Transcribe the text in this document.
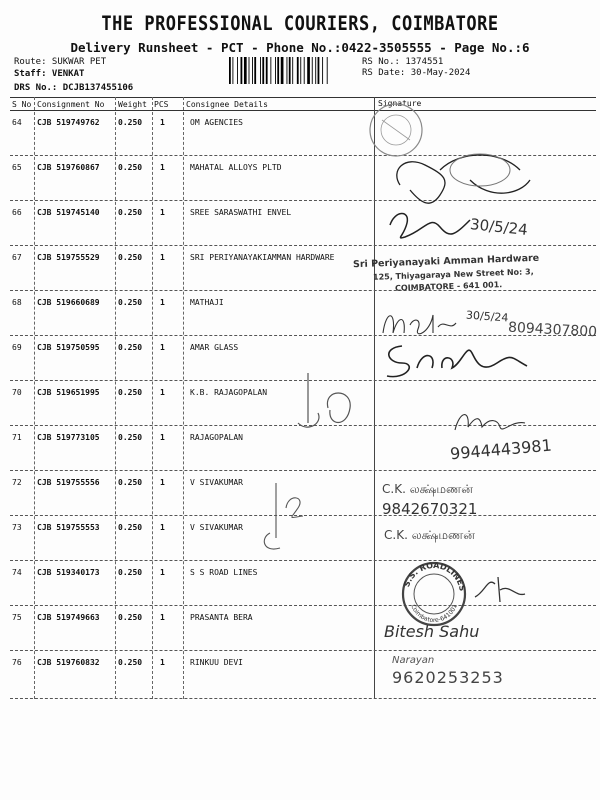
THE PROFESSIONAL COURIERS, COIMBATORE
Delivery Runsheet - PCT - Phone No.:0422-3505555 - Page No.:6
Route: SUKWAR PET
Staff: VENKAT
DRS No.: DCJB137455106
RS No.: 1374551
RS Date: 30-May-2024
S No Consignment No Weight PCS Consignee Details	Signature
64 CJB 519749762 0.250 1	OM AGENCIES
65 CJB 519760867 0.250 1	MAHATAL ALLOYS PLTD
66 CJB 519745140 0.250 1	SREE SARASWATHI ENVEL
67 CJB 519755529 0.250 1	SRI PERIYANAYAKIAMMAN HARDWARE
68 CJB 519660689 0.250 1	MATHAJI
69 CJB 519750595 0.250 1	AMAR GLASS
70 CJB 519651995 0.250 1	K.B. RAJAGOPALAN
71 CJB 519773105 0.250 1	RAJAGOPALAN
72 CJB 519755556 0.250 1	V SIVAKUMAR
73 CJB 519755553 0.250 1	V SIVAKUMAR
74 CJB 519340173 0.250 1	S S ROAD LINES
75 CJB 519749663 0.250 1	PRASANTA BERA
76 CJB 519760832 0.250 1	RINKUU DEVI
30/5/24
Sri Periyanayaki Amman Hardware
125, Thiyagaraya New Street No: 3,
COIMBATORE - 641 001.
30/5/24
8094307800
9944443981
C.K. லக்ஷ்மணன்
9842670321
C.K. லக்ஷ்மணன்
S.S. ROADLINES
Coimbatore-641001
Bitesh Sahu
Narayan
9620253253
